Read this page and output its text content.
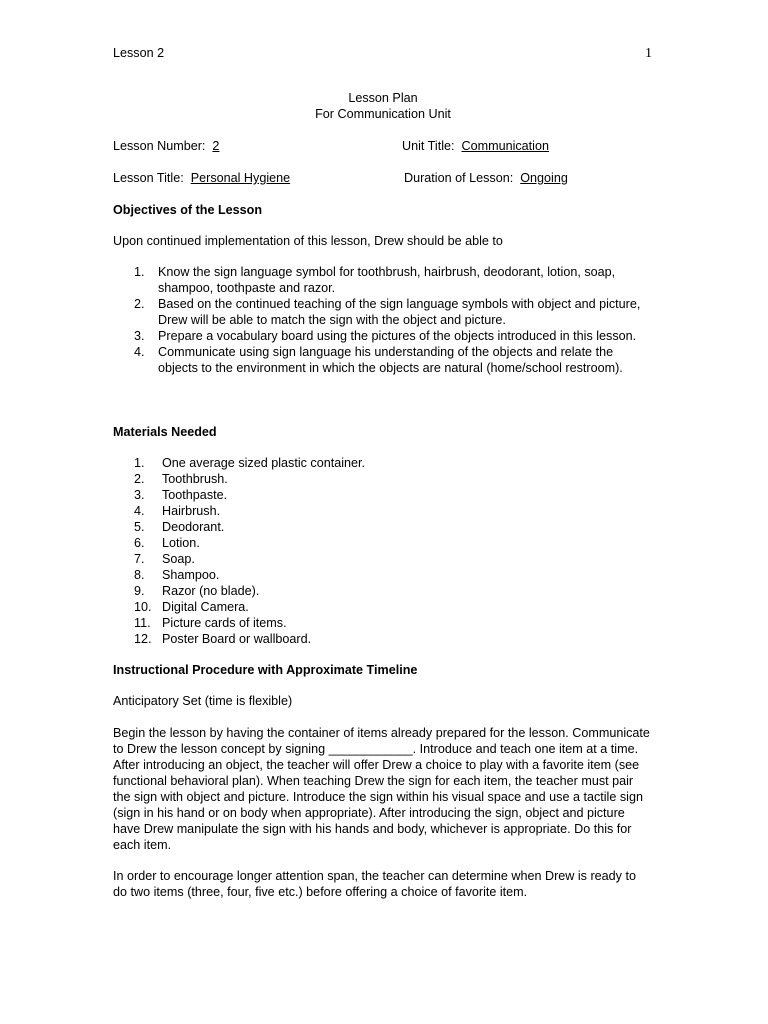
Lesson 2	1
Lesson Plan
For Communication Unit
Lesson Number: 2	Unit Title: Communication
Lesson Title: Personal Hygiene	Duration of Lesson: Ongoing
Objectives of the Lesson
Upon continued implementation of this lesson, Drew should be able to
1. Know the sign language symbol for toothbrush, hairbrush, deodorant, lotion, soap, shampoo, toothpaste and razor.
2. Based on the continued teaching of the sign language symbols with object and picture, Drew will be able to match the sign with the object and picture.
3. Prepare a vocabulary board using the pictures of the objects introduced in this lesson.
4. Communicate using sign language his understanding of the objects and relate the objects to the environment in which the objects are natural (home/school restroom).
Materials Needed
1. One average sized plastic container.
2. Toothbrush.
3. Toothpaste.
4. Hairbrush.
5. Deodorant.
6. Lotion.
7. Soap.
8. Shampoo.
9. Razor (no blade).
10. Digital Camera.
11. Picture cards of items.
12. Poster Board or wallboard.
Instructional Procedure with Approximate Timeline
Anticipatory Set (time is flexible)
Begin the lesson by having the container of items already prepared for the lesson. Communicate to Drew the lesson concept by signing ____________. Introduce and teach one item at a time. After introducing an object, the teacher will offer Drew a choice to play with a favorite item (see functional behavioral plan). When teaching Drew the sign for each item, the teacher must pair the sign with object and picture. Introduce the sign within his visual space and use a tactile sign (sign in his hand or on body when appropriate). After introducing the sign, object and picture have Drew manipulate the sign with his hands and body, whichever is appropriate. Do this for each item.
In order to encourage longer attention span, the teacher can determine when Drew is ready to do two items (three, four, five etc.) before offering a choice of favorite item.
